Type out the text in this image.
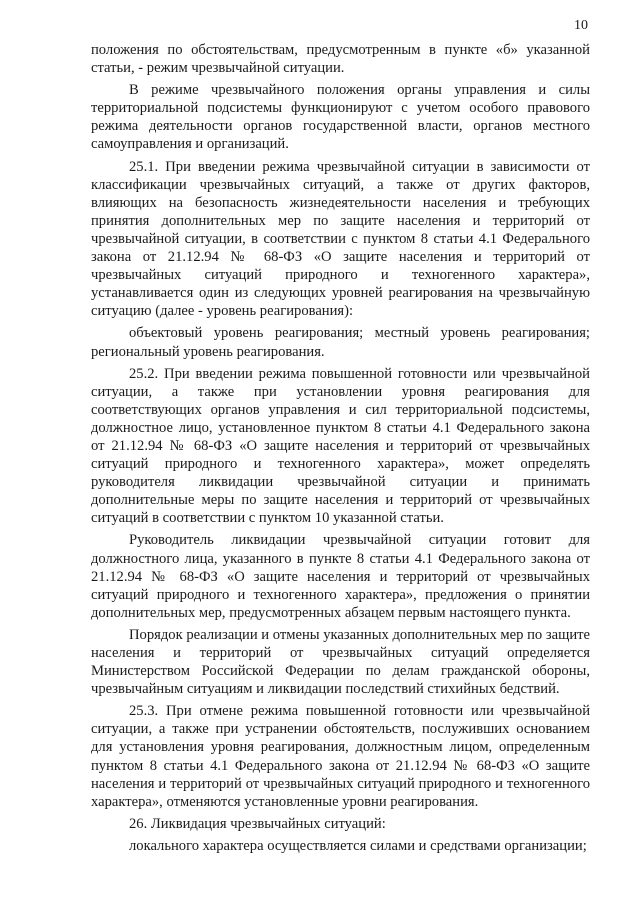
10

положения по обстоятельствам, предусмотренным в пункте «б» указанной статьи, - режим чрезвычайной ситуации.

В режиме чрезвычайного положения органы управления и силы территориальной подсистемы функционируют с учетом особого правового режима деятельности органов государственной власти, органов местного самоуправления и организаций.

25.1. При введении режима чрезвычайной ситуации в зависимости от классификации чрезвычайных ситуаций, а также от других факторов, влияющих на безопасность жизнедеятельности населения и требующих принятия дополнительных мер по защите населения и территорий от чрезвычайной ситуации, в соответствии с пунктом 8 статьи 4.1 Федерального закона от 21.12.94 № 68-ФЗ «О защите населения и территорий от чрезвычайных ситуаций природного и техногенного характера», устанавливается один из следующих уровней реагирования на чрезвычайную ситуацию (далее - уровень реагирования):

объектовый уровень реагирования; местный уровень реагирования; региональный уровень реагирования.

25.2. При введении режима повышенной готовности или чрезвычайной ситуации, а также при установлении уровня реагирования для соответствующих органов управления и сил территориальной подсистемы, должностное лицо, установленное пунктом 8 статьи 4.1 Федерального закона от 21.12.94 № 68-ФЗ «О защите населения и территорий от чрезвычайных ситуаций природного и техногенного характера», может определять руководителя ликвидации чрезвычайной ситуации и принимать дополнительные меры по защите населения и территорий от чрезвычайных ситуаций в соответствии с пунктом 10 указанной статьи.

Руководитель ликвидации чрезвычайной ситуации готовит для должностного лица, указанного в пункте 8 статьи 4.1 Федерального закона от 21.12.94 № 68-ФЗ «О защите населения и территорий от чрезвычайных ситуаций природного и техногенного характера», предложения о принятии дополнительных мер, предусмотренных абзацем первым настоящего пункта.

Порядок реализации и отмены указанных дополнительных мер по защите населения и территорий от чрезвычайных ситуаций определяется Министерством Российской Федерации по делам гражданской обороны, чрезвычайным ситуациям и ликвидации последствий стихийных бедствий.

25.3. При отмене режима повышенной готовности или чрезвычайной ситуации, а также при устранении обстоятельств, послуживших основанием для установления уровня реагирования, должностным лицом, определенным пунктом 8 статьи 4.1 Федерального закона от 21.12.94 № 68-ФЗ «О защите населения и территорий от чрезвычайных ситуаций природного и техногенного характера», отменяются установленные уровни реагирования.

26. Ликвидация чрезвычайных ситуаций:

локального характера осуществляется силами и средствами организации;
